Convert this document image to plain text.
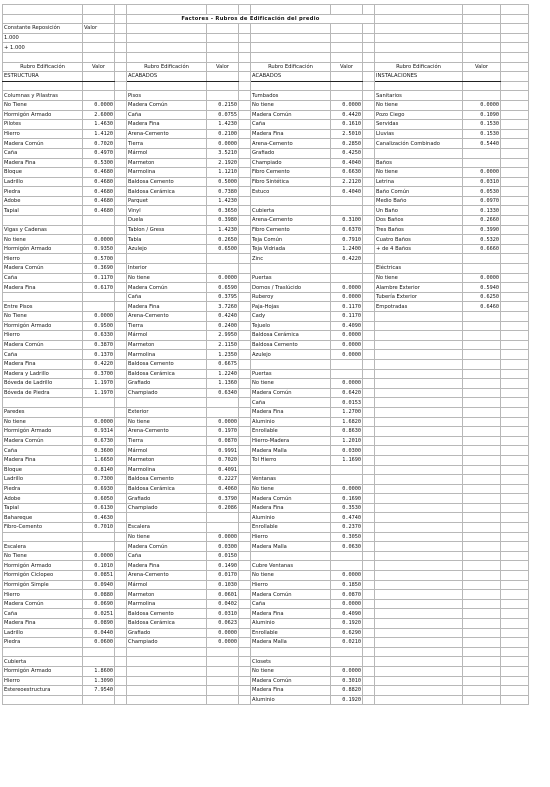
			Factores - Rubros de Edificación del predio								
Constante Reposición	Valor										
1.000											
+ 1.000											

Rubro Edificación	Valor		Rubro Edificación	Valor		Rubro Edificación	Valor		Rubro Edificación	Valor	
ESTRUCTURA			ACABADOS			ACABADOS			INSTALACIONES		

Columnas y Pilastras			Pisos			Tumbados			Sanitarios		
No Tiene	0.0000		Madera Común	0.2150		No tiene	0.0000		No tiene	0.0000	
Hormigón Armado	2.6000		Caña	0.0755		Madera Común	0.4420		Pozo Ciego	0.1090	
Pilotes	1.4630		Madera Fina	1.4230		Caña	0.1610		Servidas	0.1530	
Hierro	1.4120		Arena-Cemento	0.2100		Madera Fina	2.5010		Lluvias	0.1530	
Madera Común	0.7020		Tierra	0.0000		Arena-Cemento	0.2850		Canalización Combinado	0.5440	
Caña	0.4970		Mármol	3.5210		Grafiado	0.4250				
Madera Fina	0.5300		Marmeton	2.1920		Champiado	0.4040		Baños		
Bloque	0.4680		Marmolina	1.1210		Fibro Cemento	0.6630		No tiene	0.0000	
Ladrillo	0.4680		Baldosa Cemento	0.5000		Fibro Sintética	2.2120		Letrina	0.0310	
Piedra	0.4680		Baldosa Cerámica	0.7380		Estuco	0.4040		Baño Común	0.0530	
Adobe	0.4680		Parquet	1.4230					Medio Baño	0.0970	
Tapial	0.4680		Vinyl	0.3650		Cubierta			Un Baño	0.1330	
			Duela	0.3980		Arena-Cemento	0.3100		Dos Baños	0.2660	
Vigas y Cadenas			Tablon / Gress	1.4230		Fibro Cemento	0.6370		Tres Baños	0.3990	
No tiene	0.0000		Tabla	0.2650		Teja Común	0.7910		Cuatro Baños	0.5320	
Hormigón Armado	0.9350		Azulejo	0.6500		Teja Vidriada	1.2400		+ de 4 Baños	0.6660	
Hierro	0.5700					Zinc	0.4220				
Madera Común	0.3690		Interior						Eléctricas		
Caña	0.1170		No tiene	0.0000		Puertas			No tiene	0.0000	
Madera Fina	0.6170		Madera Común	0.6590		Domos / Traslúcido	0.0000		Alambre Exterior	0.5940	
			Caña	0.3795		Ruberoy	0.0000		Tubería Exterior	0.6250	
Entre Pisos			Madera Fina	3.7260		Paja-Hojas	0.1170		Empotradas	0.6460	
No Tiene	0.0000		Arena-Cemento	0.4240		Cady	0.1170				
Hormigón Armado	0.9500		Tierra	0.2400		Tejuelo	0.4090				
Hierro	0.6330		Mármol	2.9950		Baldosa Cerámica	0.0000				
Madera Común	0.3870		Marmeton	2.1150		Baldosa Cemento	0.0000				
Caña	0.1370		Marmolina	1.2350		Azulejo	0.0000				
Madera Fina	0.4220		Baldosa Cemento	0.6675							
Madera y Ladrillo	0.3700		Baldosa Cerámica	1.2240		Puertas					
Bóveda de Ladrillo	1.1970		Grafiado	1.1360		No tiene	0.0000				
Bóveda de Piedra	1.1970		Champiado	0.6340		Madera Común	0.6420				
						Caña	0.0153				
Paredes			Exterior			Madera Fina	1.2700				
No tiene	0.0000		No tiene	0.0000		Aluminio	1.6820				
Hormigón Armado	0.9314		Arena-Cemento	0.1970		Enrollable	0.8630				
Madera Común	0.6730		Tierra	0.0870		Hierro-Madera	1.2010				
Caña	0.3600		Mármol	0.9991		Madera Malla	0.0300				
Madera Fina	1.6650		Marmeton	0.7020		Tol Hierro	1.1690				
Bloque	0.8140		Marmolina	0.4091							
Ladrillo	0.7300		Baldosa Cemento	0.2227		Ventanas					
Piedra	0.6930		Baldosa Cerámica	0.4060		No tiene	0.0000				
Adobe	0.6050		Grafiado	0.3790		Madera Común	0.1690				
Tapial	0.6130		Champiado	0.2086		Madera Fina	0.3530				
Bahareque	0.4630					Aluminio	0.4740				
Fibro-Cemento	0.7010		Escalera			Enrollable	0.2370				
			No tiene	0.0000		Hierro	0.3050				
Escalera			Madera Común	0.0300		Madera Malla	0.0630				
No Tiene	0.0000		Caña	0.0150							
Hormigón Armado	0.1010		Madera Fina	0.1490		Cubre Ventanas					
Hormigón Ciclopeo	0.0851		Arena-Cemento	0.0170		No tiene	0.0000				
Hormigón Simple	0.0940		Mármol	0.1030		Hierro	0.1850				
Hierro	0.0880		Marmeton	0.0601		Madera Común	0.0870				
Madera Común	0.0690		Marmolina	0.0402		Caña	0.0000				
Caña	0.0251		Baldosa Cemento	0.0310		Madera Fina	0.4090				
Madera Fina	0.0890		Baldosa Cerámica	0.0623		Aluminio	0.1920				
Ladrillo	0.0440		Grafiado	0.0000		Enrollable	0.6290				
Piedra	0.0600		Champiado	0.0000		Madera Malla	0.0210				

Cubierta						Closets					
Hormigón Armado	1.8600					No tiene	0.0000				
Hierro	1.3090					Madera Común	0.3010				
Estereoestructura	7.9540					Madera Fina	0.8820				
						Aluminio	0.1920				
